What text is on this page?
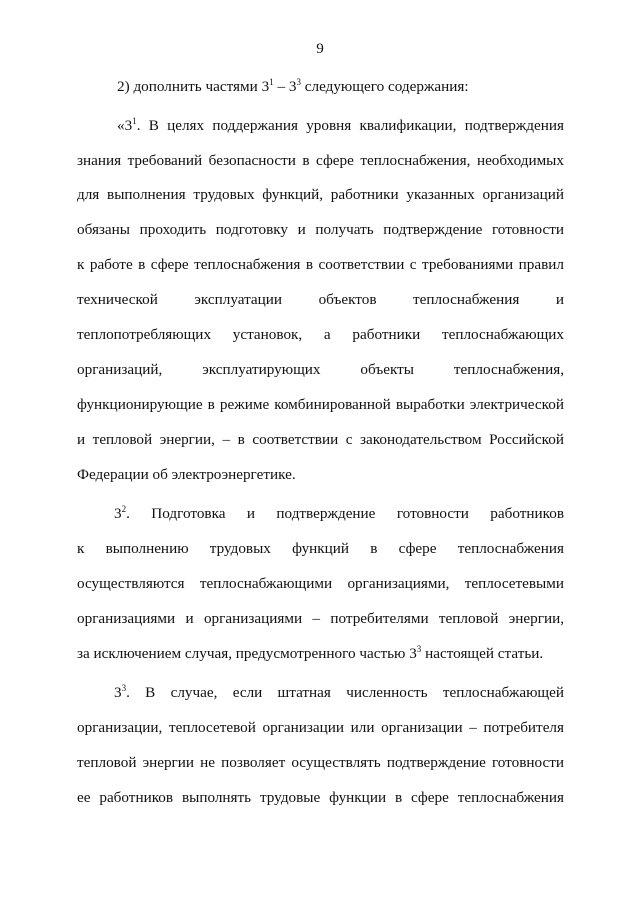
9
2) дополнить частями $3^1 - 3^3$ следующего содержания:
«$3^1$. В целях поддержания уровня квалификации, подтверждения
знания требований безопасности в сфере теплоснабжения, необходимых
для выполнения трудовых функций, работники указанных организаций
обязаны проходить подготовку и получать подтверждение готовности
к работе в сфере теплоснабжения в соответствии с требованиями правил
технической эксплуатации объектов теплоснабжения и
теплопотребляющих установок, а работники теплоснабжающих
организаций, эксплуатирующих объекты теплоснабжения,
функционирующие в режиме комбинированной выработки электрической
и тепловой энергии, – в соответствии с законодательством Российской
Федерации об электроэнергетике.
$3^2$. Подготовка и подтверждение готовности работников
к выполнению трудовых функций в сфере теплоснабжения
осуществляются теплоснабжающими организациями, теплосетевыми
организациями и организациями – потребителями тепловой энергии,
за исключением случая, предусмотренного частью $3^3$ настоящей статьи.
$3^3$. В случае, если штатная численность теплоснабжающей
организации, теплосетевой организации или организации – потребителя
тепловой энергии не позволяет осуществлять подтверждение готовности
ее работников выполнять трудовые функции в сфере теплоснабжения
